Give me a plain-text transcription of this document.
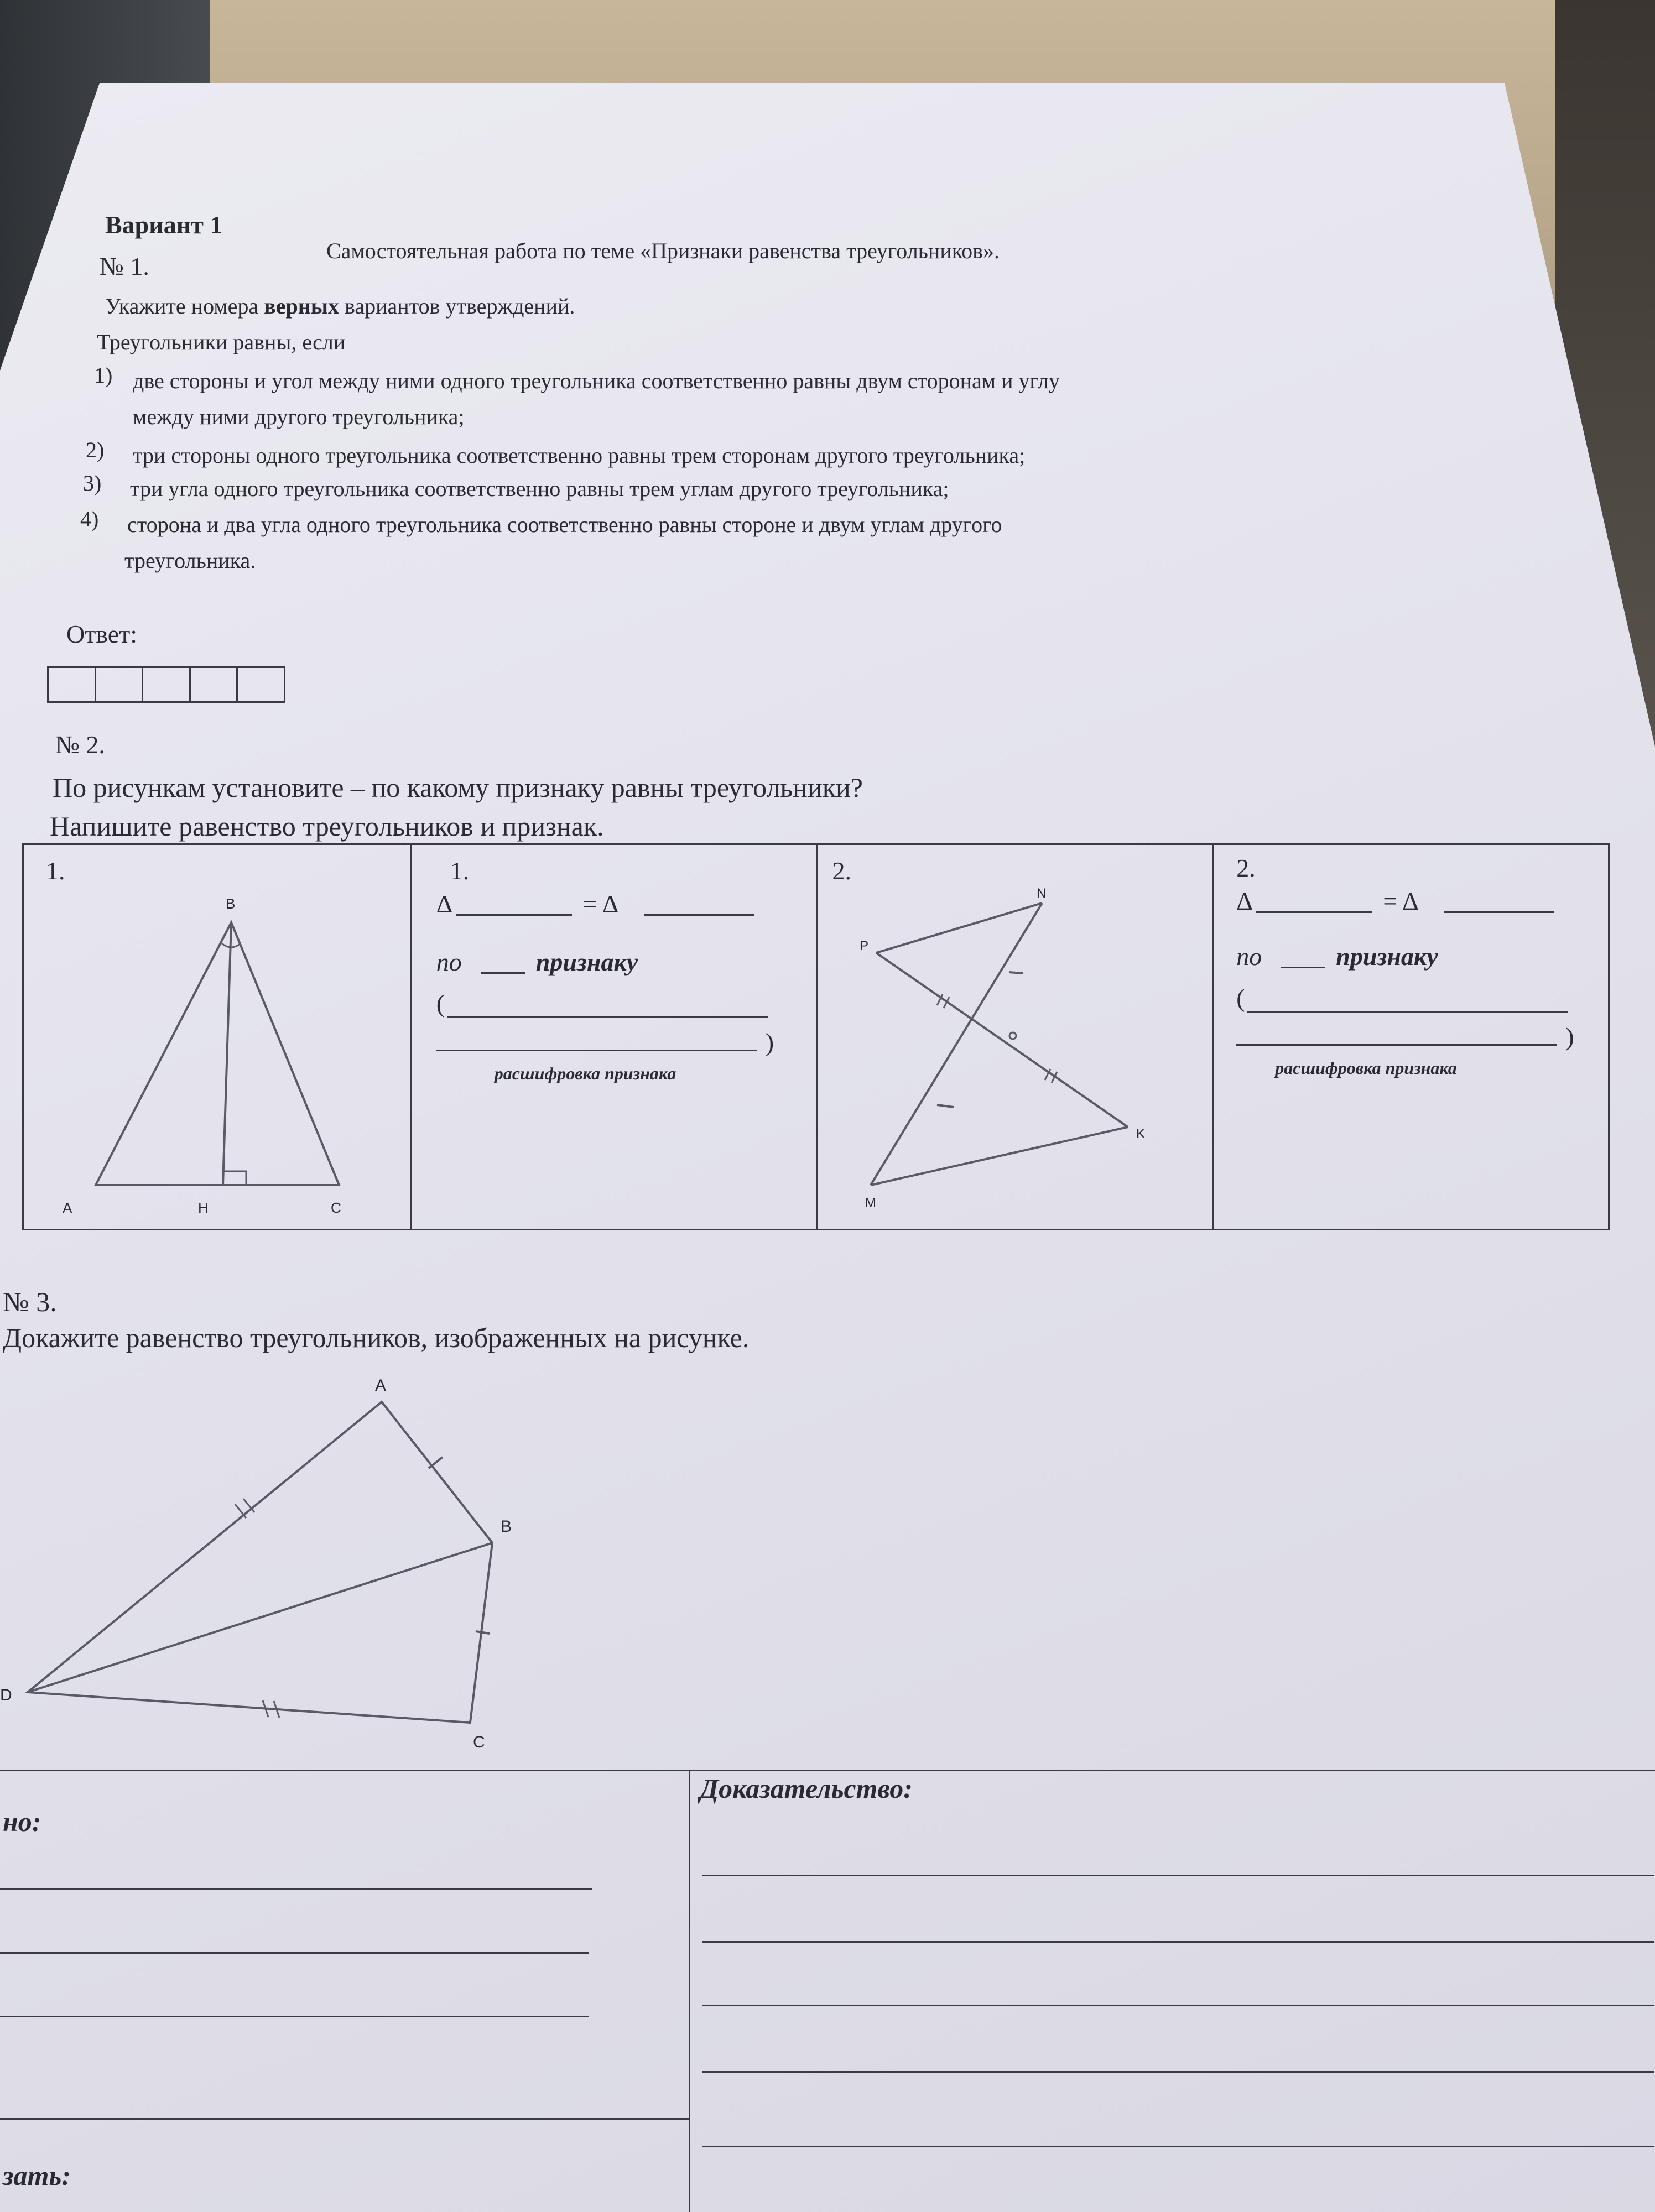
Вариант 1
Самостоятельная работа по теме «Признаки равенства треугольников».
№ 1.
Укажите номера верных вариантов утверждений.
Треугольники равны, если
1) две стороны и угол между ними одного треугольника соответственно равны двум сторонам и углу
между ними другого треугольника;
2) три стороны одного треугольника соответственно равны трем сторонам другого треугольника;
3) три угла одного треугольника соответственно равны трем углам другого треугольника;
4) сторона и два угла одного треугольника соответственно равны стороне и двум углам другого
треугольника.
Ответ:
№ 2.
По рисункам установите – по какому признаку равны треугольники?
Напишите равенство треугольников и признак.
1.
B
A	H	C
1.
Δ	= Δ
по	признаку
(
)
расшифровка признака
2.
N
P
K
M
2.
Δ	= Δ
по	признаку
(
)
расшифровка признака
№ 3.
Докажите равенство треугольников, изображенных на рисунке.
A
B
C
D
но:
зать:
Доказательство:
